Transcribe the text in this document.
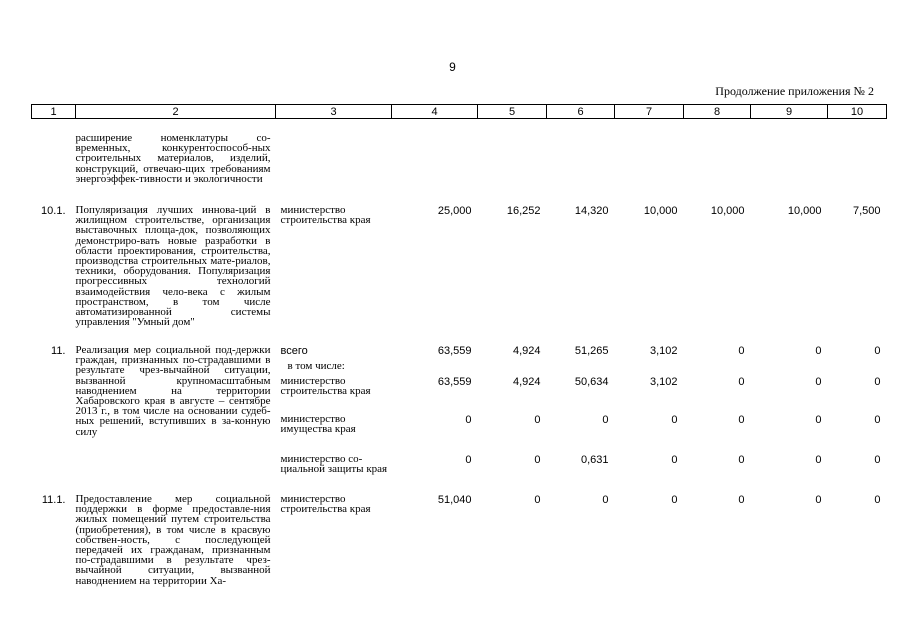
9
Продолжение приложения № 2
1	2	3	4	5	6	7	8	9	10
	расширение номенклатуры со-временных, конкурентоспособ-ных строительных материалов, изделий, конструкций, отвечаю-щих требованиям энергоэффек-тивности и экологичности								
10.1.	Популяризация лучших иннова-ций в жилищном строительстве, организация выставочных площа-док, позволяющих демонстриро-вать новые разработки в области проектирования, строительства, производства строительных мате-риалов, техники, оборудования. Популяризация прогрессивных технологий взаимодействия чело-века с жилым пространством, в том числе автоматизированной системы управления "Умный дом"	министерство строительства края	25,000	16,252	14,320	10,000	10,000	10,000	7,500
11.	Реализация мер социальной под-держки граждан, признанных по-страдавшими в результате чрез-вычайной ситуации, вызванной крупномасштабным наводнением на территории Хабаровского края в августе – сентябре 2013 г., в том числе на основании судеб-ных решений, вступивших в за-конную силу	всего	63,559	4,924	51,265	3,102	0	0	0
		в том числе:							
		министерство строительства края	63,559	4,924	50,634	3,102	0	0	0
		министерство имущества края	0	0	0	0	0	0	0
		министерство со-циальной защиты края	0	0	0,631	0	0	0	0
11.1.	Предоставление мер социальной поддержки в форме предоставле-ния жилых помещений путем строительства (приобретения), в том числе в красвую собствен-ность, с последующей передачей их гражданам, признанным по-страдавшими в результате чрез-вычайной ситуации, вызванной наводнением на территории Ха-	министерство строительства края	51,040	0	0	0	0	0	0
